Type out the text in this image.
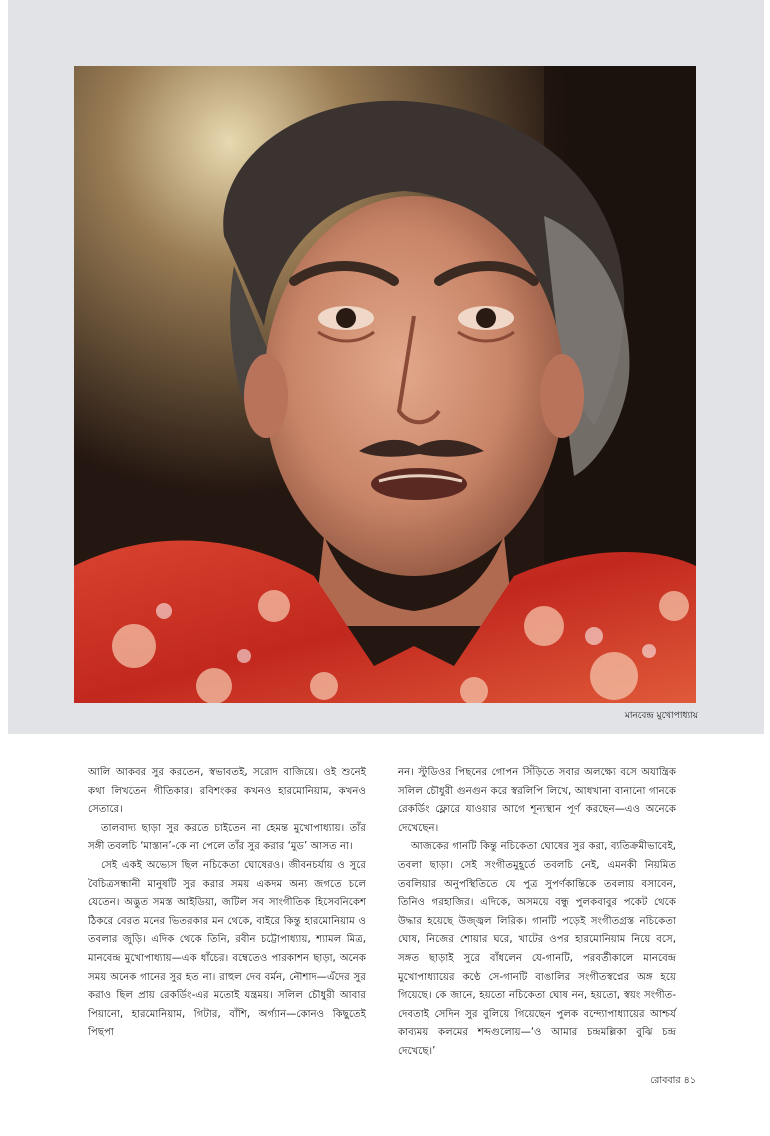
মানবেন্দ্র মুখোপাধ্যায়

আলি আকবর সুর করতেন, স্বভাবতই, সরোদ বাজিয়ে। ওই শুনেই কথা লিখতেন গীতিকার। রবিশংকর কখনও হারমোনিয়াম, কখনও সেতারে।

তালবাদ্য ছাড়া সুর করতে চাইতেন না হেমন্ত মুখোপাধ্যায়। তাঁর সঙ্গী তবলচি ‘মাস্তান’-কে না পেলে তাঁর সুর করার ‘মুড’ আসত না।

সেই একই অভ্যেস ছিল নচিকেতা ঘোষেরও। জীবনচর্যায় ও সুরে বৈচিত্রসন্ধানী মানুষটি সুর করার সময় একদম অন্য জগতে চলে যেতেন। অদ্ভুত সমস্ত আইডিয়া, জটিল সব সাংগীতিক হিসেবনিকেশ ঠিকরে বেরত মনের ভিতরকার মন থেকে, বাইরে কিন্তু হারমোনিয়াম ও তবলার জুড়ি। এদিক থেকে তিনি, রবীন চট্টোপাধ্যায়, শ্যামল মিত্র, মানবেন্দ্র মুখোপাধ্যায়—এক ধাঁচের। বম্বেতেও পারকাশন ছাড়া, অনেক সময় অনেক গানের সুর হত না। রাহুল দেব বর্মন, নৌশাদ—এঁদের সুর করাও ছিল প্রায় রেকর্ডিং-এর মতোই যন্ত্রময়। সলিল চৌধুরী আবার পিয়ানো, হারমোনিয়াম, গিটার, বাঁশি, অর্গ্যান—কোনও কিছুতেই পিছপা

নন। স্টুডিওর পিছনের গোপন সিঁড়িতে সবার অলক্ষ্যে বসে অযান্ত্রিক সলিল চৌধুরী গুনগুন করে স্বরলিপি লিখে, আধখানা বানানো গানকে রেকর্ডিং ফ্লোরে যাওয়ার আগে শূন্যস্থান পূর্ণ করছেন—এও অনেকে দেখেছেন।

আজকের গানটি কিন্তু নচিকেতা ঘোষের সুর করা, ব্যতিক্রমীভাবেই, তবলা ছাড়া। সেই সংগীতমুহূর্তে তবলচি নেই, এমনকী নিয়মিত তবলিয়ার অনুপস্থিতিতে যে পুত্র সুপর্ণকান্তিকে তবলায় বসাবেন, তিনিও গরহাজির। এদিকে, অসময়ে বন্ধু পুলকবাবুর পকেট থেকে উদ্ধার হয়েছে উজ্জ্বল লিরিক। গানটি পড়েই সংগীতগ্রস্ত নচিকেতা ঘোষ, নিজের শোয়ার ঘরে, খাটের ওপর হারমোনিয়াম নিয়ে বসে, সঙ্গত ছাড়াই সুরে বাঁধলেন যে-গানটি, পরবর্তীকালে মানবেন্দ্র মুখোপাধ্যায়ের কণ্ঠে সে-গানটি বাঙালির সংগীতস্বপ্নের অঙ্গ হয়ে গিয়েছে। কে জানে, হয়তো নচিকেতা ঘোষ নন, হয়তো, স্বয়ং সংগীত-দেবতাই সেদিন সুর বুলিয়ে গিয়েছেন পুলক বন্দ্যোপাধ্যায়ের আশ্চর্য কাব্যময় কলমের শব্দগুলোয়—‘ও আমার চন্দ্রমল্লিকা বুঝি চন্দ্র দেখেছে।’

রোববার ৪১
